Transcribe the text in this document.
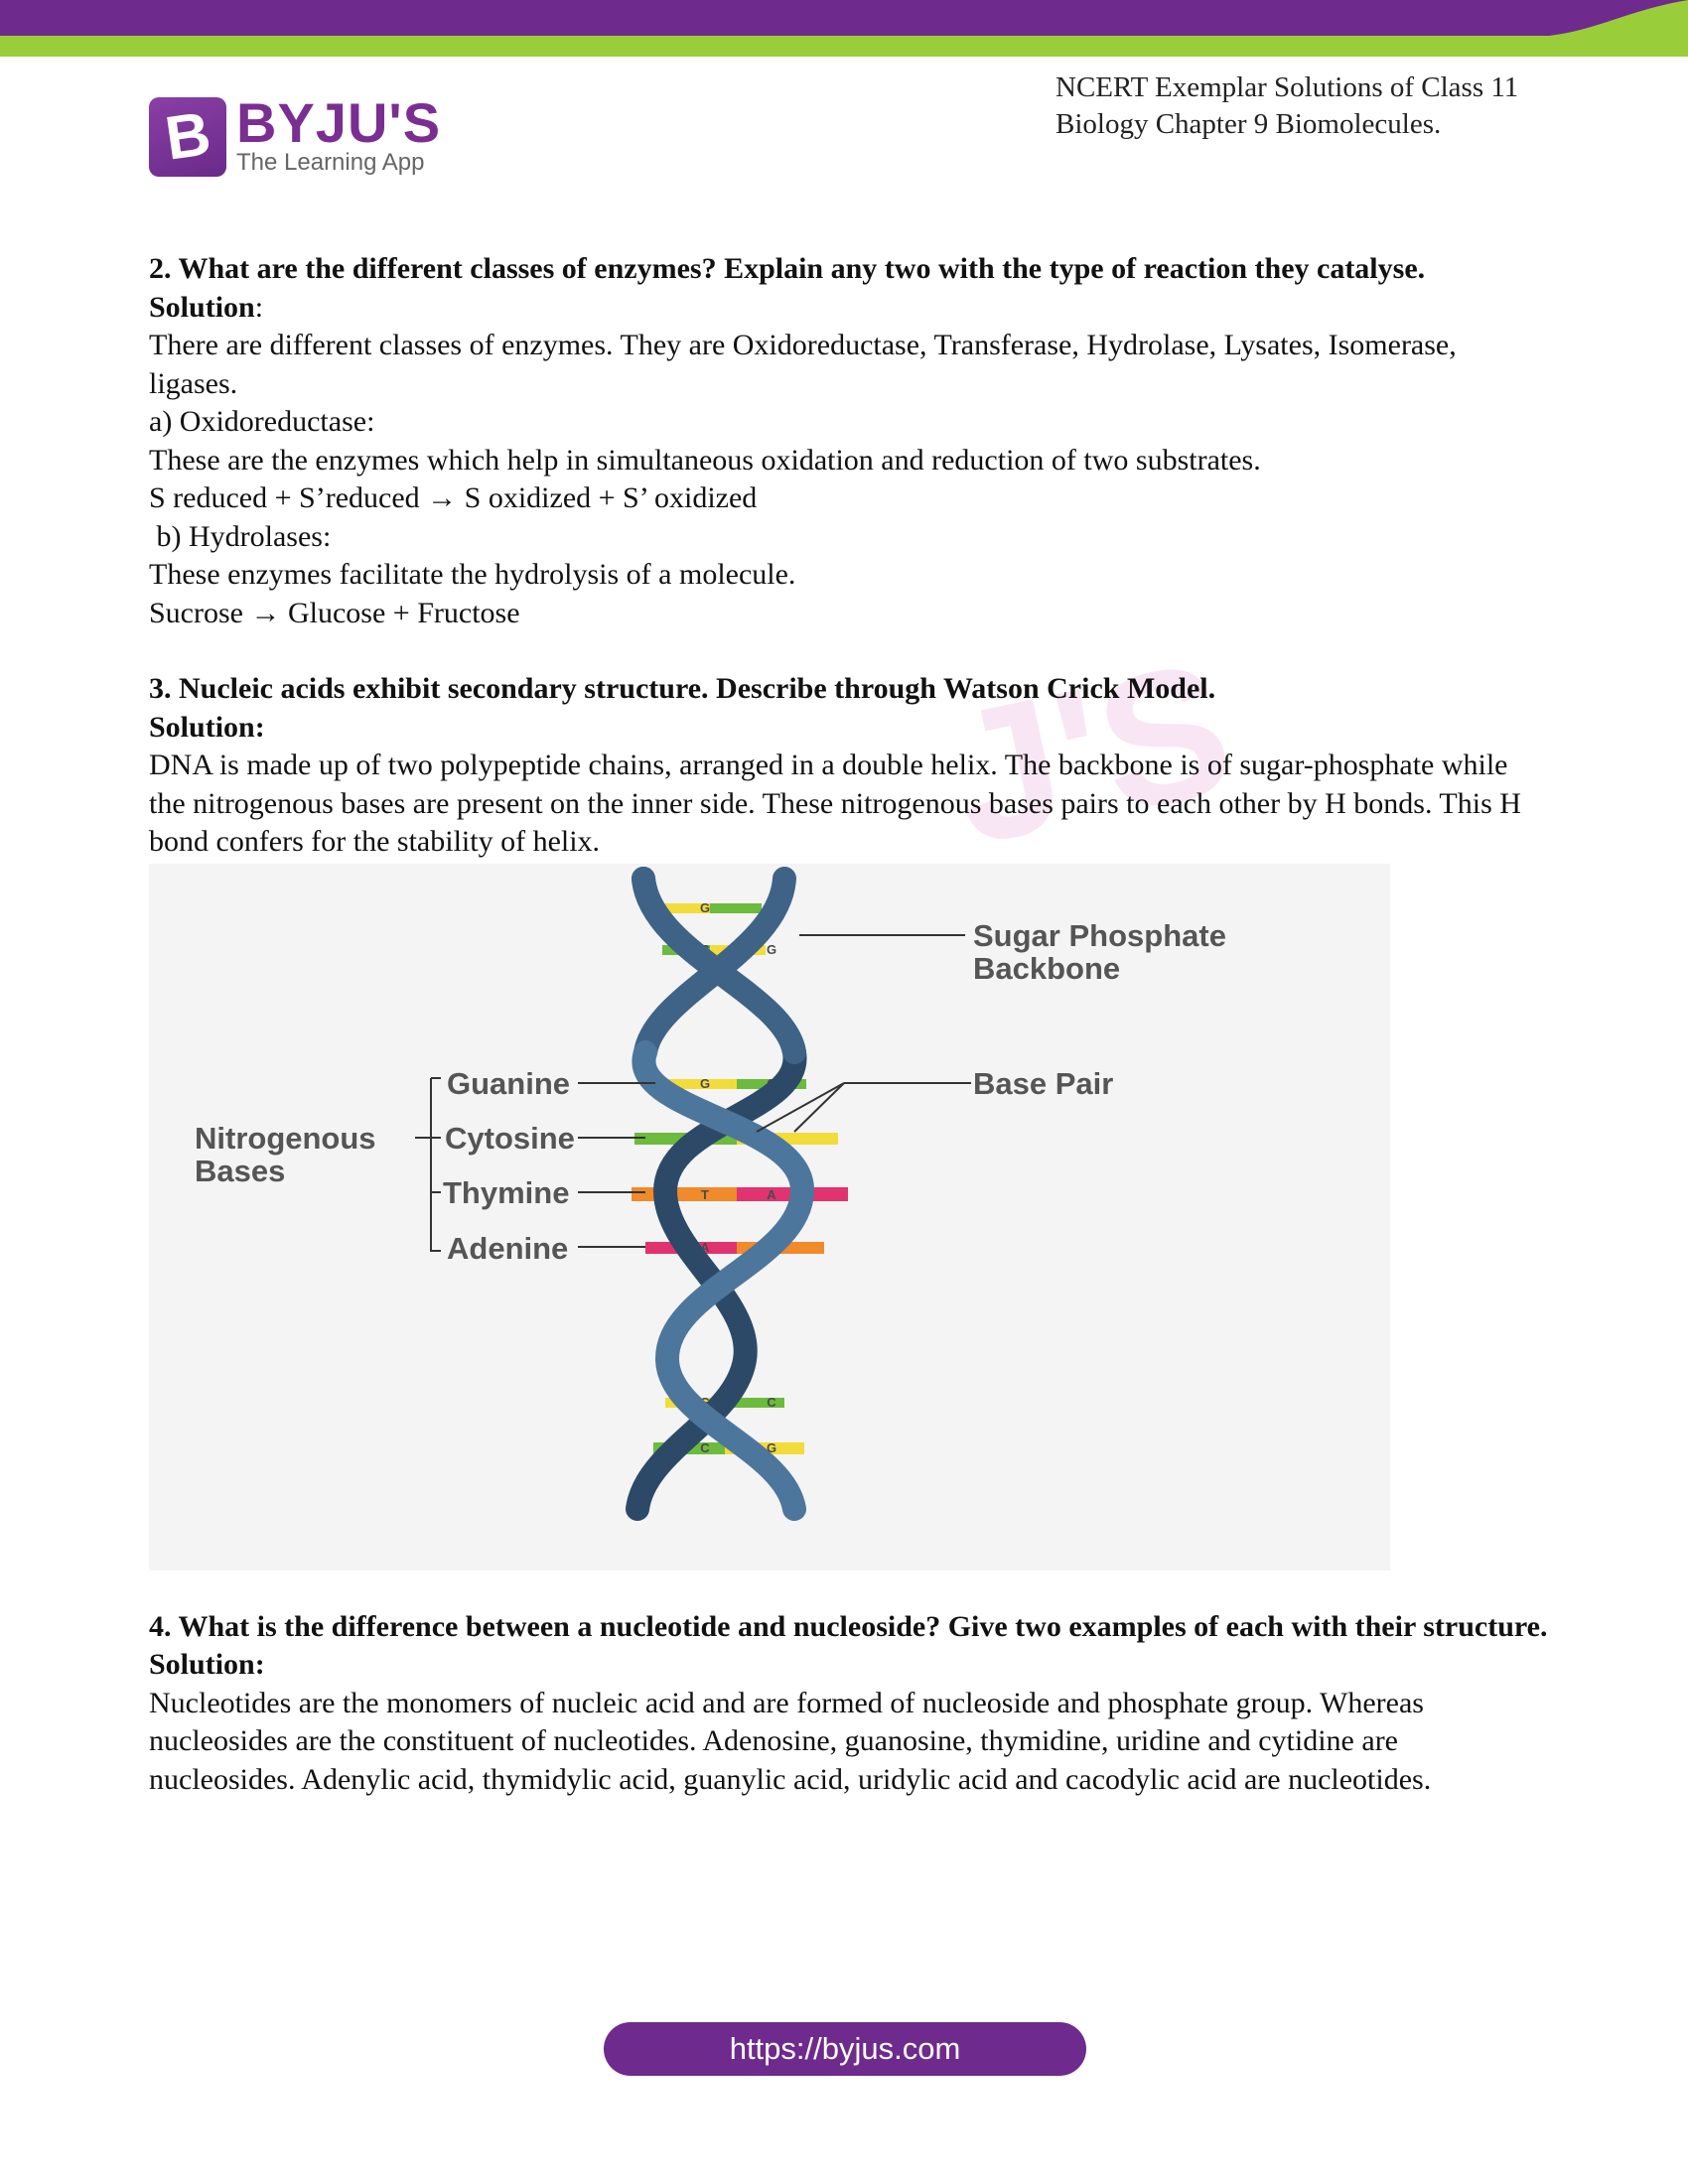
B BYJU'S
The Learning App
NCERT Exemplar Solutions of Class 11
Biology Chapter 9 Biomolecules.
J'S

2. What are the different classes of enzymes? Explain any two with the type of reaction they catalyse.

Solution:

There are different classes of enzymes. They are Oxidoreductase, Transferase, Hydrolase, Lysates, Isomerase, ligases.

a) Oxidoreductase:

These are the enzymes which help in simultaneous oxidation and reduction of two substrates.

S reduced + S’reduced → S oxidized + S’ oxidized

b) Hydrolases:

These enzymes facilitate the hydrolysis of a molecule.

Sucrose → Glucose + Fructose

3. Nucleic acids exhibit secondary structure. Describe through Watson Crick Model.

Solution:

DNA is made up of two polypeptide chains, arranged in a double helix. The backbone is of sugar-phosphate while the nitrogenous bases are present on the inner side. These nitrogenous bases pairs to each other by H bonds. This H bond confers for the stability of helix.

G	C
C	G
G	C
C	G
T	A
A	T
G	C
C	G
Sugar Phosphate
Backbone
Base Pair
Nitrogenous
Bases
Guanine
Cytosine
Thymine
Adenine

4. What is the difference between a nucleotide and nucleoside? Give two examples of each with their structure.

Solution:

Nucleotides are the monomers of nucleic acid and are formed of nucleoside and phosphate group. Whereas nucleosides are the constituent of nucleotides. Adenosine, guanosine, thymidine, uridine and cytidine are nucleosides. Adenylic acid, thymidylic acid, guanylic acid, uridylic acid and cacodylic acid are nucleotides.

https://byjus.com
